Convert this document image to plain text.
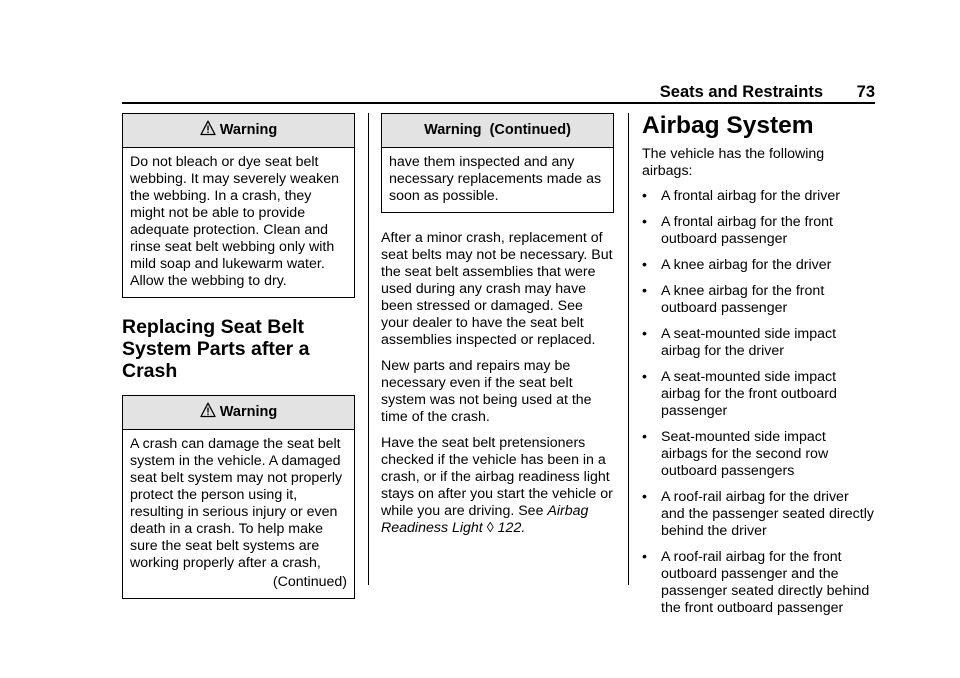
Seats and Restraints 73
Warning
Do not bleach or dye seat belt webbing. It may severely weaken the webbing. In a crash, they might not be able to provide adequate protection. Clean and rinse seat belt webbing only with mild soap and lukewarm water. Allow the webbing to dry.
Replacing Seat Belt System Parts after a Crash
Warning
A crash can damage the seat belt system in the vehicle. A damaged seat belt system may not properly protect the person using it, resulting in serious injury or even death in a crash. To help make sure the seat belt systems are working properly after a crash,
(Continued)
Warning  (Continued)
have them inspected and any necessary replacements made as soon as possible.

After a minor crash, replacement of seat belts may not be necessary. But the seat belt assemblies that were used during any crash may have been stressed or damaged. See your dealer to have the seat belt assemblies inspected or replaced.

New parts and repairs may be necessary even if the seat belt system was not being used at the time of the crash.

Have the seat belt pretensioners checked if the vehicle has been in a crash, or if the airbag readiness light stays on after you start the vehicle or while you are driving. See Airbag Readiness Light ◊ 122.

Airbag System

The vehicle has the following airbags:

• A frontal airbag for the driver
• A frontal airbag for the front outboard passenger
• A knee airbag for the driver
• A knee airbag for the front outboard passenger
• A seat-mounted side impact airbag for the driver
• A seat-mounted side impact airbag for the front outboard passenger
• Seat-mounted side impact airbags for the second row outboard passengers
• A roof-rail airbag for the driver and the passenger seated directly behind the driver
• A roof-rail airbag for the front outboard passenger and the passenger seated directly behind the front outboard passenger
